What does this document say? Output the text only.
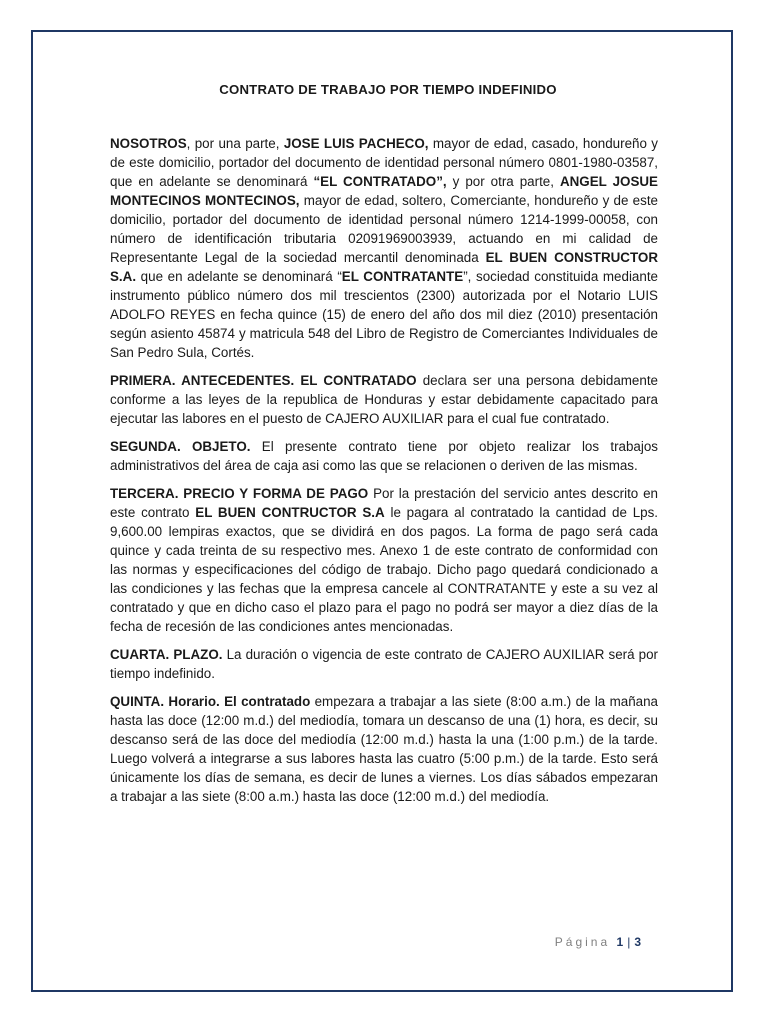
CONTRATO DE TRABAJO POR TIEMPO INDEFINIDO

NOSOTROS, por una parte, JOSE LUIS PACHECO, mayor de edad, casado, hondureño y de este domicilio, portador del documento de identidad personal número 0801-1980-03587, que en adelante se denominará “EL CONTRATADO”, y por otra parte, ANGEL JOSUE MONTECINOS MONTECINOS, mayor de edad, soltero, Comerciante, hondureño y de este domicilio, portador del documento de identidad personal número 1214-1999-00058, con número de identificación tributaria 02091969003939, actuando en mi calidad de Representante Legal de la sociedad mercantil denominada EL BUEN CONSTRUCTOR S.A. que en adelante se denominará “EL CONTRATANTE”, sociedad constituida mediante instrumento público número dos mil trescientos (2300) autorizada por el Notario LUIS ADOLFO REYES en fecha quince (15) de enero del año dos mil diez (2010) presentación según asiento 45874 y matricula 548 del Libro de Registro de Comerciantes Individuales de San Pedro Sula, Cortés.

PRIMERA. ANTECEDENTES. EL CONTRATADO declara ser una persona debidamente conforme a las leyes de la republica de Honduras y estar debidamente capacitado para ejecutar las labores en el puesto de CAJERO AUXILIAR para el cual fue contratado.

SEGUNDA. OBJETO. El presente contrato tiene por objeto realizar los trabajos administrativos del área de caja asi como las que se relacionen o deriven de las mismas.

TERCERA. PRECIO Y FORMA DE PAGO Por la prestación del servicio antes descrito en este contrato EL BUEN CONTRUCTOR S.A le pagara al contratado la cantidad de Lps. 9,600.00 lempiras exactos, que se dividirá en dos pagos. La forma de pago será cada quince y cada treinta de su respectivo mes. Anexo 1 de este contrato de conformidad con las normas y especificaciones del código de trabajo. Dicho pago quedará condicionado a las condiciones y las fechas que la empresa cancele al CONTRATANTE y este a su vez al contratado y que en dicho caso el plazo para el pago no podrá ser mayor a diez días de la fecha de recesión de las condiciones antes mencionadas.

CUARTA. PLAZO. La duración o vigencia de este contrato de CAJERO AUXILIAR será por tiempo indefinido.

QUINTA. Horario. El contratado empezara a trabajar a las siete (8:00 a.m.) de la mañana hasta las doce (12:00 m.d.) del mediodía, tomara un descanso de una (1) hora, es decir, su descanso será de las doce del mediodía (12:00 m.d.) hasta la una (1:00 p.m.) de la tarde. Luego volverá a integrarse a sus labores hasta las cuatro (5:00 p.m.) de la tarde. Esto será únicamente los días de semana, es decir de lunes a viernes. Los días sábados empezaran a trabajar a las siete (8:00 a.m.) hasta las doce (12:00 m.d.) del mediodía.

Página 1 | 3
